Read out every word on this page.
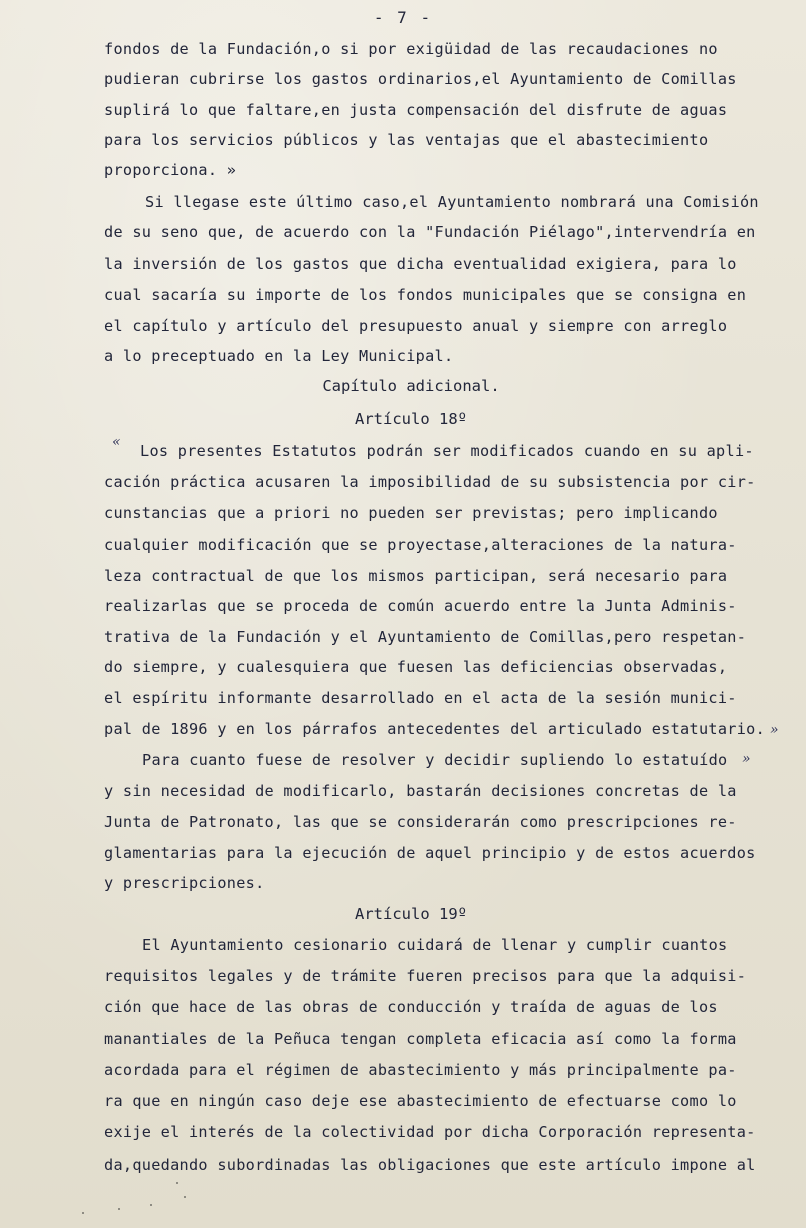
- 7 -
fondos de la Fundación,o si por exigüidad de las recaudaciones no
pudieran cubrirse los gastos ordinarios,el Ayuntamiento de Comillas
suplirá lo que faltare,en justa compensación del disfrute de aguas
para los servicios públicos y las ventajas que el abastecimiento
proporciona. »
Si llegase este último caso,el Ayuntamiento nombrará una Comisión
de su seno que, de acuerdo con la "Fundación Piélago",intervendría en
la inversión de los gastos que dicha eventualidad exigiera, para lo
cual sacaría su importe de los fondos municipales que se consigna en
el capítulo y artículo del presupuesto anual y siempre con arreglo
a lo preceptuado en la Ley Municipal.
Capítulo adicional.
Artículo 18º
« Los presentes Estatutos podrán ser modificados cuando en su apli-
cación práctica acusaren la imposibilidad de su subsistencia por cir-
cunstancias que a priori no pueden ser previstas; pero implicando
cualquier modificación que se proyectase,alteraciones de la natura-
leza contractual de que los mismos participan, será necesario para
realizarlas que se proceda de común acuerdo entre la Junta Adminis-
trativa de la Fundación y el Ayuntamiento de Comillas,pero respetan-
do siempre, y cualesquiera que fuesen las deficiencias observadas,
el espíritu informante desarrollado en el acta de la sesión munici-
pal de 1896 y en los párrafos antecedentes del articulado estatutario. »
Para cuanto fuese de resolver y decidir supliendo lo estatuído »
y sin necesidad de modificarlo, bastarán decisiones concretas de la
Junta de Patronato, las que se considerarán como prescripciones re-
glamentarias para la ejecución de aquel principio y de estos acuerdos
y prescripciones.
Artículo 19º
El Ayuntamiento cesionario cuidará de llenar y cumplir cuantos
requisitos legales y de trámite fueren precisos para que la adquisi-
ción que hace de las obras de conducción y traída de aguas de los
manantiales de la Peñuca tengan completa eficacia así como la forma
acordada para el régimen de abastecimiento y más principalmente pa-
ra que en ningún caso deje ese abastecimiento de efectuarse como lo
exije el interés de la colectividad por dicha Corporación representa-
da,quedando subordinadas las obligaciones que este artículo impone al
